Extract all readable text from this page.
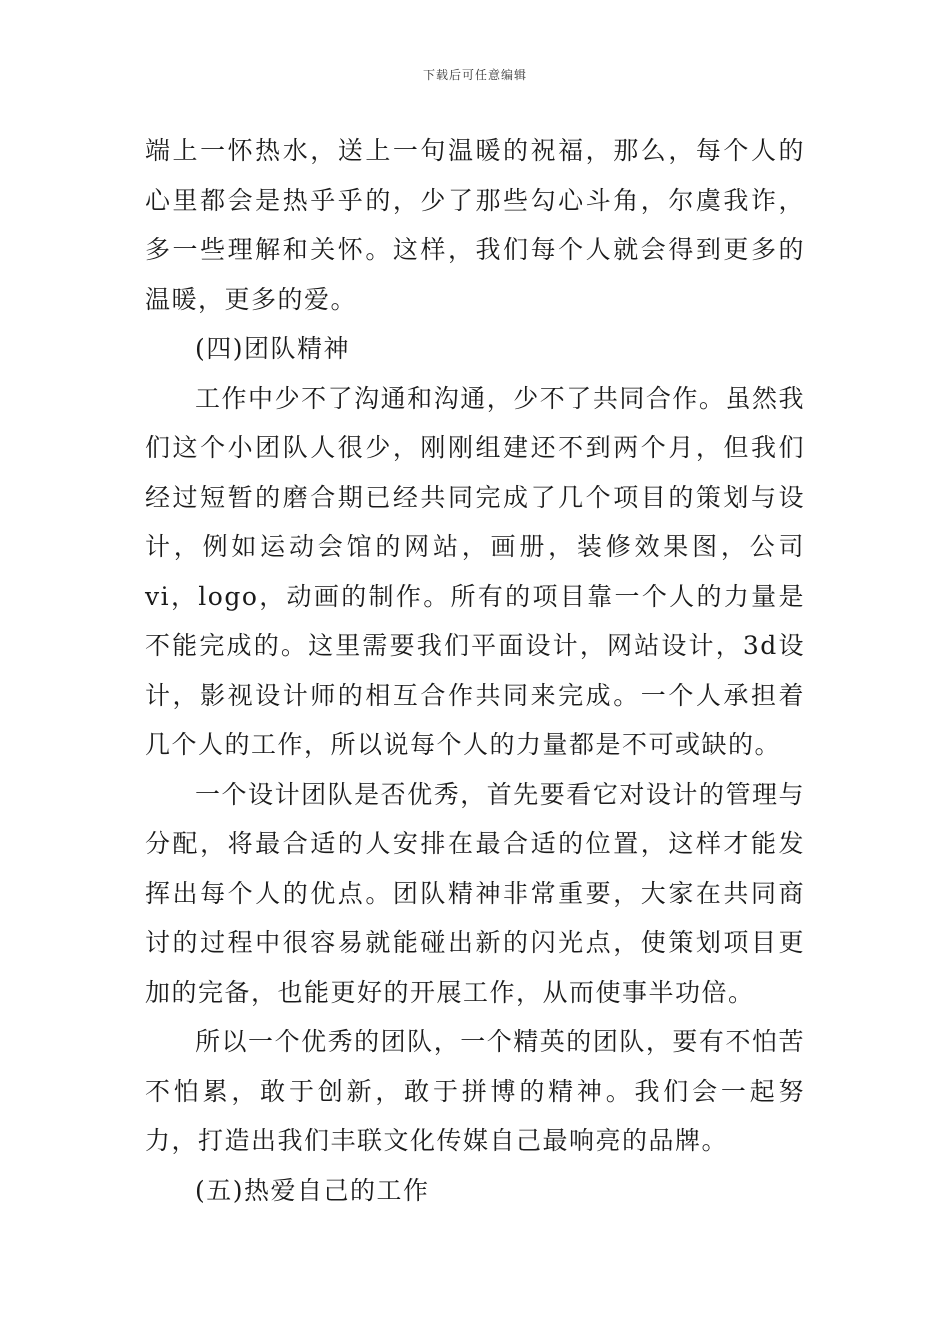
下载后可任意编辑

端上一怀热水，送上一句温暖的祝福，那么，每个人的心里都会是热乎乎的，少了那些勾心斗角，尔虞我诈，多一些理解和关怀。这样，我们每个人就会得到更多的温暖，更多的爱。

(四)团队精神

工作中少不了沟通和沟通，少不了共同合作。虽然我们这个小团队人很少，刚刚组建还不到两个月，但我们经过短暂的磨合期已经共同完成了几个项目的策划与设计，例如运动会馆的网站，画册，装修效果图，公司vi，logo，动画的制作。所有的项目靠一个人的力量是不能完成的。这里需要我们平面设计，网站设计，3d设计，影视设计师的相互合作共同来完成。一个人承担着几个人的工作，所以说每个人的力量都是不可或缺的。

一个设计团队是否优秀，首先要看它对设计的管理与分配，将最合适的人安排在最合适的位置，这样才能发挥出每个人的优点。团队精神非常重要，大家在共同商讨的过程中很容易就能碰出新的闪光点，使策划项目更加的完备，也能更好的开展工作，从而使事半功倍。

所以一个优秀的团队，一个精英的团队，要有不怕苦不怕累，敢于创新，敢于拼博的精神。我们会一起努力，打造出我们丰联文化传媒自己最响亮的品牌。

(五)热爱自己的工作
